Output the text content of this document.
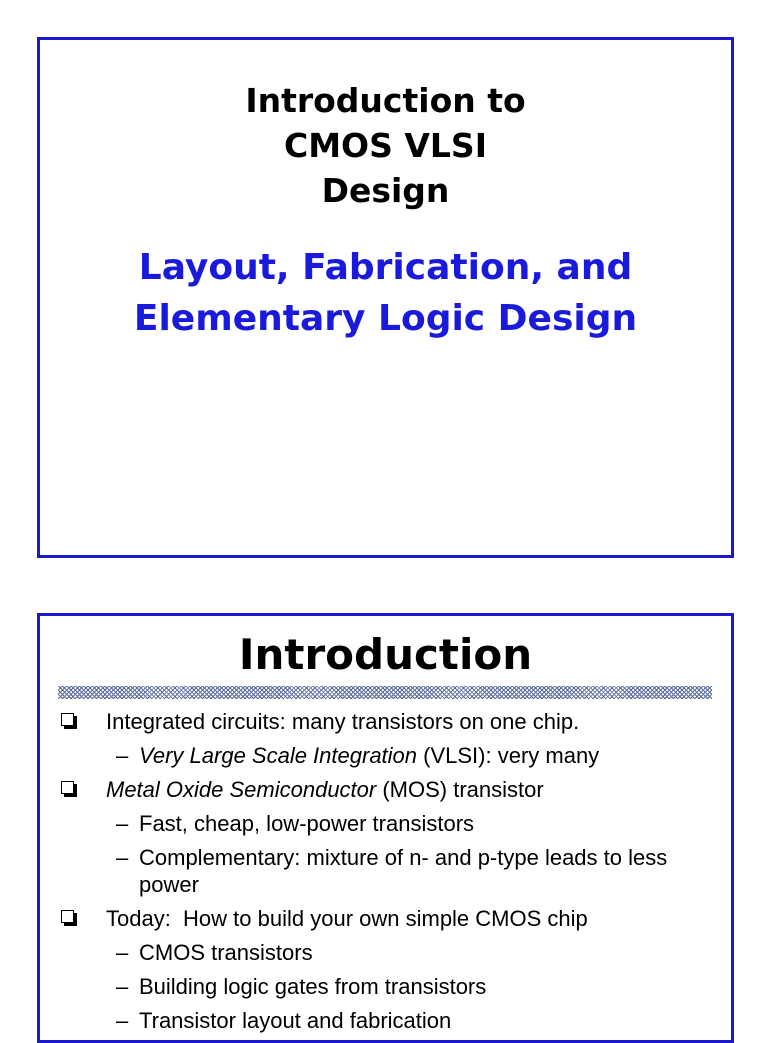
Introduction to
CMOS VLSI
Design
Layout, Fabrication, and
Elementary Logic Design
Introduction
Integrated circuits: many transistors on one chip.
– Very Large Scale Integration (VLSI): very many
Metal Oxide Semiconductor (MOS) transistor
– Fast, cheap, low-power transistors
– Complementary: mixture of n- and p-type leads to less power
Today:  How to build your own simple CMOS chip
– CMOS transistors
– Building logic gates from transistors
– Transistor layout and fabrication
